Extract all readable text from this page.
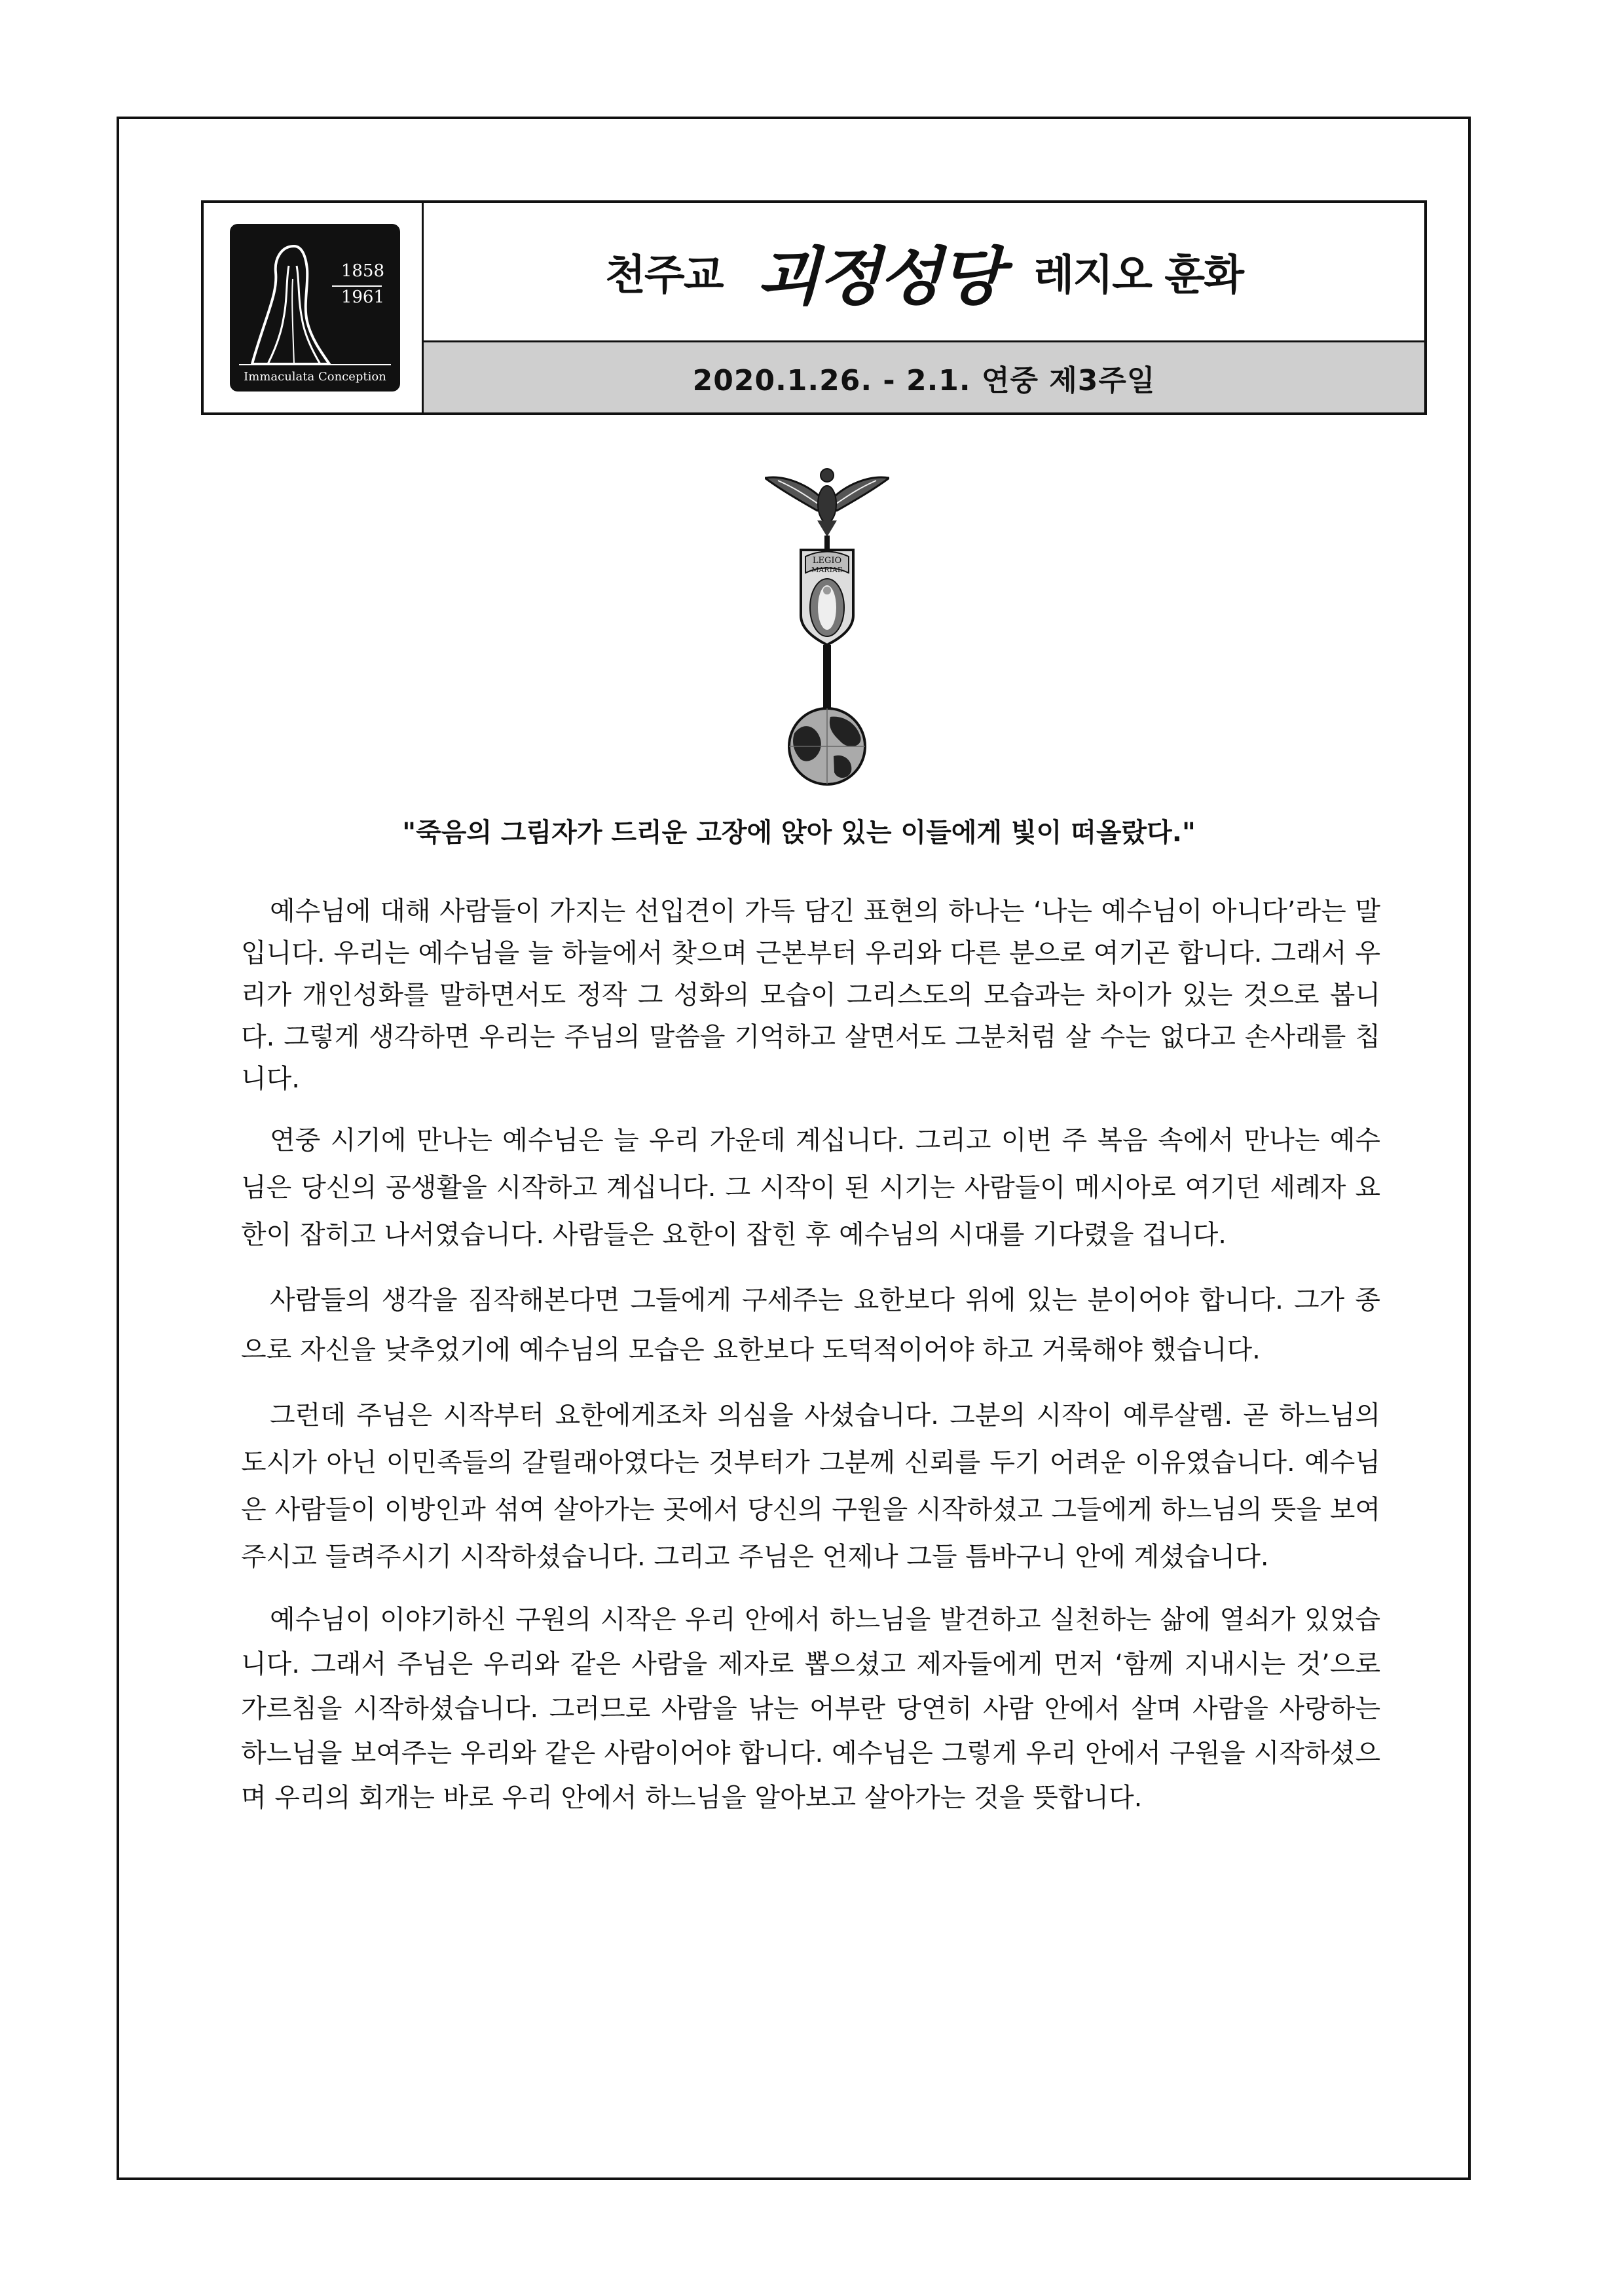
1858
1961
Immaculata Conception
천주교 괴정성당 레지오 훈화
2020.1.26. - 2.1. 연중 제3주일
LEGIO
MARIAE
"죽음의 그림자가 드리운 고장에 앉아 있는 이들에게 빛이 떠올랐다."

예수님에 대해 사람들이 가지는 선입견이 가득 담긴 표현의 하나는 ‘나는 예수님이 아니다’라는 말입니다. 우리는 예수님을 늘 하늘에서 찾으며 근본부터 우리와 다른 분으로 여기곤 합니다. 그래서 우리가 개인성화를 말하면서도 정작 그 성화의 모습이 그리스도의 모습과는 차이가 있는 것으로 봅니다. 그렇게 생각하면 우리는 주님의 말씀을 기억하고 살면서도 그분처럼 살 수는 없다고 손사래를 칩니다.

연중 시기에 만나는 예수님은 늘 우리 가운데 계십니다. 그리고 이번 주 복음 속에서 만나는 예수님은 당신의 공생활을 시작하고 계십니다. 그 시작이 된 시기는 사람들이 메시아로 여기던 세례자 요한이 잡히고 나서였습니다. 사람들은 요한이 잡힌 후 예수님의 시대를 기다렸을 겁니다.

사람들의 생각을 짐작해본다면 그들에게 구세주는 요한보다 위에 있는 분이어야 합니다. 그가 종으로 자신을 낮추었기에 예수님의 모습은 요한보다 도덕적이어야 하고 거룩해야 했습니다.

그런데 주님은 시작부터 요한에게조차 의심을 사셨습니다. 그분의 시작이 예루살렘. 곧 하느님의 도시가 아닌 이민족들의 갈릴래아였다는 것부터가 그분께 신뢰를 두기 어려운 이유였습니다. 예수님은 사람들이 이방인과 섞여 살아가는 곳에서 당신의 구원을 시작하셨고 그들에게 하느님의 뜻을 보여주시고 들려주시기 시작하셨습니다. 그리고 주님은 언제나 그들 틈바구니 안에 계셨습니다.

예수님이 이야기하신 구원의 시작은 우리 안에서 하느님을 발견하고 실천하는 삶에 열쇠가 있었습니다. 그래서 주님은 우리와 같은 사람을 제자로 뽑으셨고 제자들에게 먼저 ‘함께 지내시는 것’으로 가르침을 시작하셨습니다. 그러므로 사람을 낚는 어부란 당연히 사람 안에서 살며 사람을 사랑하는 하느님을 보여주는 우리와 같은 사람이어야 합니다. 예수님은 그렇게 우리 안에서 구원을 시작하셨으며 우리의 회개는 바로 우리 안에서 하느님을 알아보고 살아가는 것을 뜻합니다.
